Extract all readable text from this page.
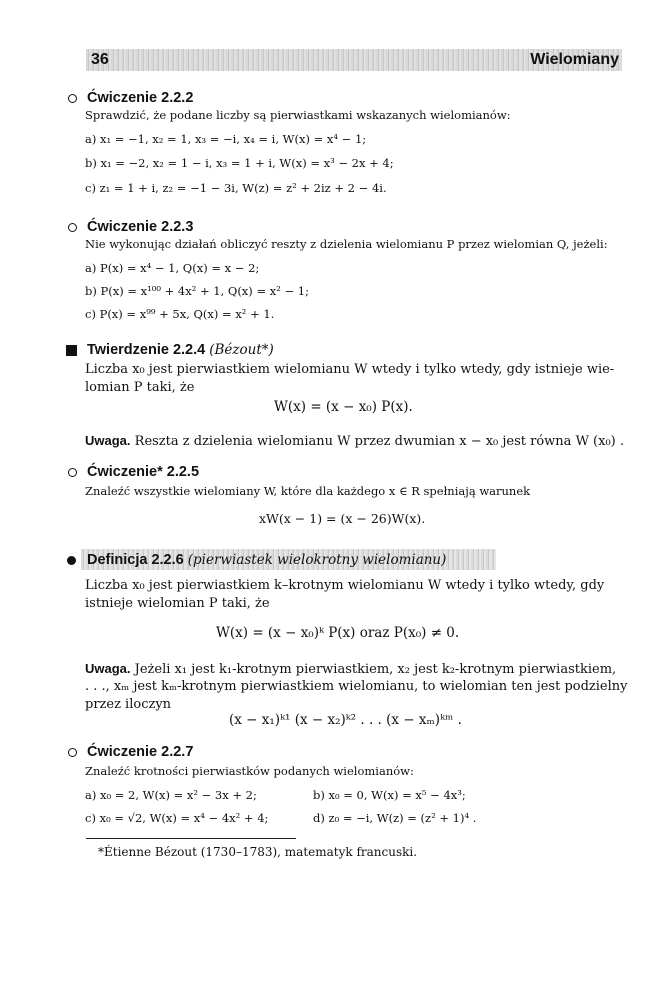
36	Wielomiany
Ćwiczenie 2.2.2
Sprawdzić, że podane liczby są pierwiastkami wskazanych wielomianów:
a) x₁ = −1, x₂ = 1, x₃ = −i, x₄ = i, W(x) = x⁴ − 1;
b) x₁ = −2, x₂ = 1 − i, x₃ = 1 + i, W(x) = x³ − 2x + 4;
c) z₁ = 1 + i, z₂ = −1 − 3i, W(z) = z² + 2iz + 2 − 4i.
Ćwiczenie 2.2.3
Nie wykonując działań obliczyć reszty z dzielenia wielomianu P przez wielomian Q, jeżeli:
a) P(x) = x⁴ − 1, Q(x) = x − 2;
b) P(x) = x¹⁰⁰ + 4x² + 1, Q(x) = x² − 1;
c) P(x) = x⁹⁹ + 5x, Q(x) = x² + 1.
Twierdzenie 2.2.4 (Bézout*)
Liczba x₀ jest pierwiastkiem wielomianu W wtedy i tylko wtedy, gdy istnieje wie-
lomian P taki, że
W(x) = (x − x₀) P(x).
Uwaga. Reszta z dzielenia wielomianu W przez dwumian x − x₀ jest równa W (x₀) .
Ćwiczenie* 2.2.5
Znaleźć wszystkie wielomiany W, które dla każdego x ∈ R spełniają warunek
xW(x − 1) = (x − 26)W(x).
Definicja 2.2.6 (pierwiastek wielokrotny wielomianu)
Liczba x₀ jest pierwiastkiem k–krotnym wielomianu W wtedy i tylko wtedy, gdy
istnieje wielomian P taki, że
W(x) = (x − x₀)ᵏ P(x) oraz P(x₀) ≠ 0.
Uwaga. Jeżeli x₁ jest k₁-krotnym pierwiastkiem, x₂ jest k₂-krotnym pierwiastkiem,
. . ., xₘ jest kₘ-krotnym pierwiastkiem wielomianu, to wielomian ten jest podzielny
przez iloczyn
(x − x₁)ᵏ¹ (x − x₂)ᵏ² . . . (x − xₘ)ᵏᵐ .
Ćwiczenie 2.2.7
Znaleźć krotności pierwiastków podanych wielomianów:
a) x₀ = 2, W(x) = x² − 3x + 2;	b) x₀ = 0, W(x) = x⁵ − 4x³;
c) x₀ = √2, W(x) = x⁴ − 4x² + 4;	d) z₀ = −i, W(z) = (z² + 1)⁴ .
*Étienne Bézout (1730–1783), matematyk francuski.
